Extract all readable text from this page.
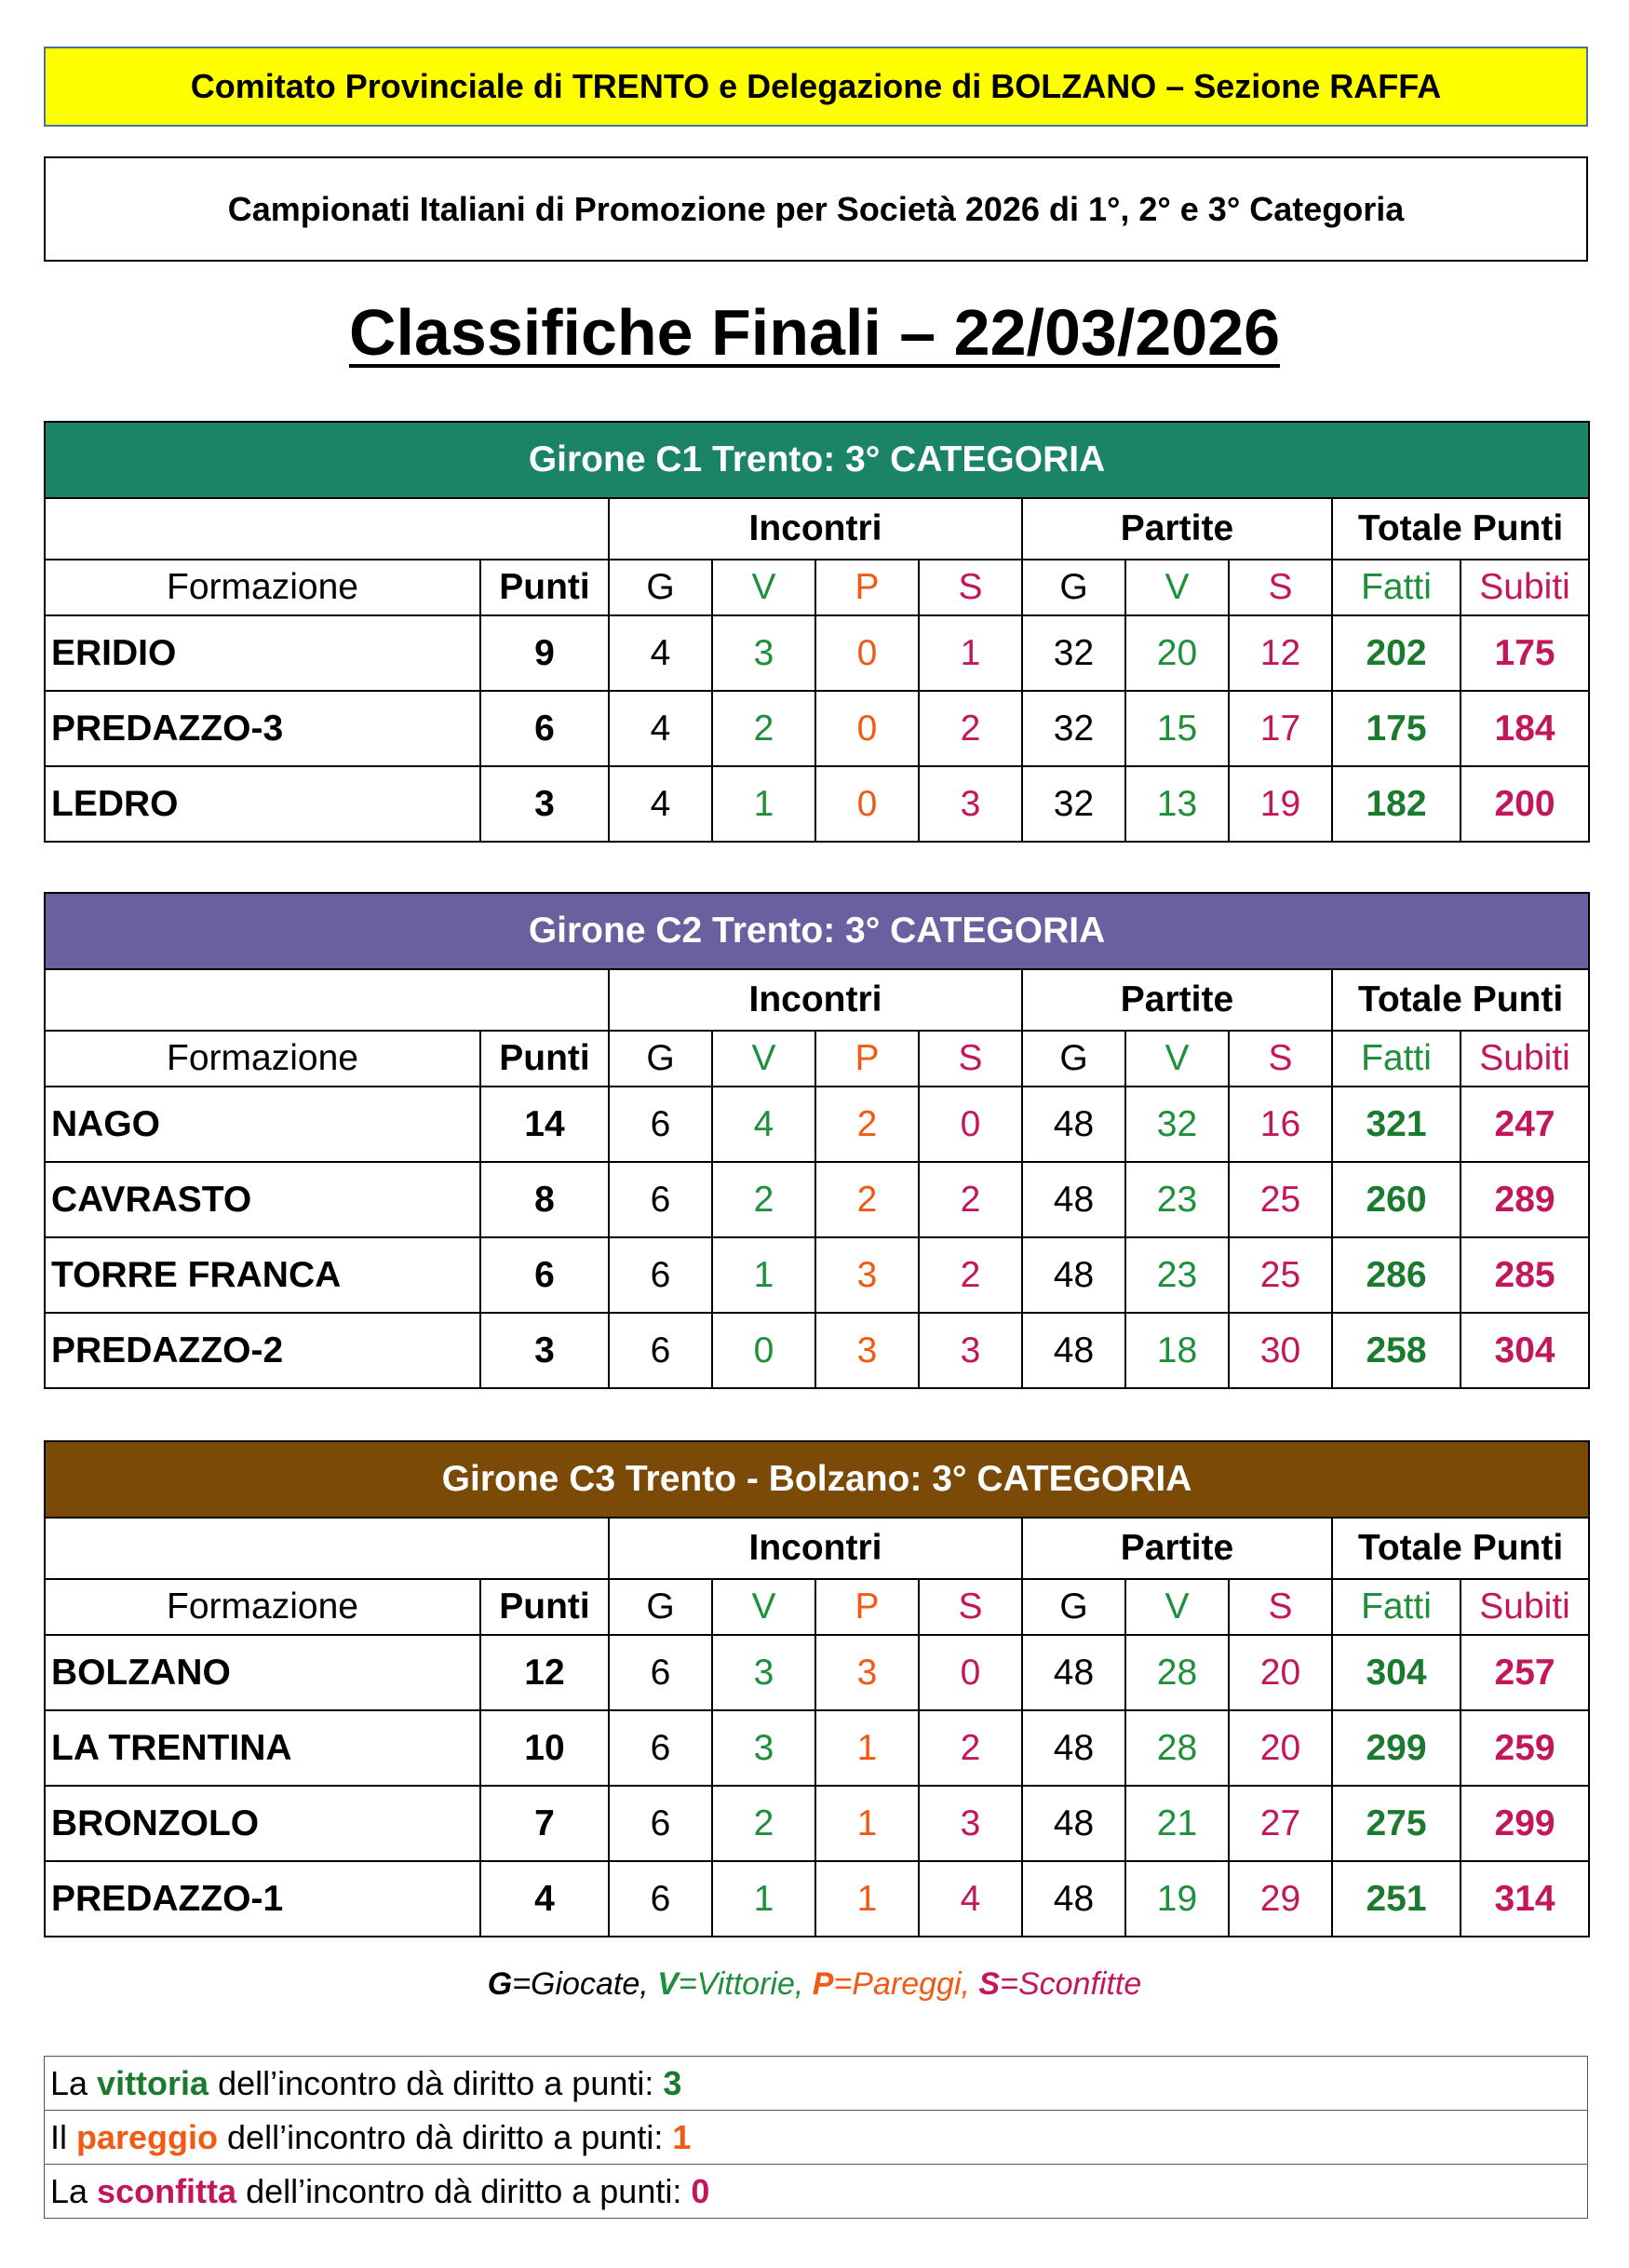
Comitato Provinciale di TRENTO e Delegazione di BOLZANO – Sezione RAFFA
Campionati Italiani di Promozione per Società 2026 di 1°, 2° e 3° Categoria
Classifiche Finali – 22/03/2026
Girone C1 Trento: 3° CATEGORIA										
		Incontri				Partite			Totale Punti	
Formazione	Punti	G	V	P	S	G	V	S	Fatti	Subiti
ERIDIO	9	4	3	0	1	32	20	12	202	175
PREDAZZO-3	6	4	2	0	2	32	15	17	175	184
LEDRO	3	4	1	0	3	32	13	19	182	200
Girone C2 Trento: 3° CATEGORIA										
		Incontri				Partite			Totale Punti	
Formazione	Punti	G	V	P	S	G	V	S	Fatti	Subiti
NAGO	14	6	4	2	0	48	32	16	321	247
CAVRASTO	8	6	2	2	2	48	23	25	260	289
TORRE FRANCA	6	6	1	3	2	48	23	25	286	285
PREDAZZO-2	3	6	0	3	3	48	18	30	258	304
Girone C3 Trento - Bolzano: 3° CATEGORIA										
		Incontri				Partite			Totale Punti	
Formazione	Punti	G	V	P	S	G	V	S	Fatti	Subiti
BOLZANO	12	6	3	3	0	48	28	20	304	257
LA TRENTINA	10	6	3	1	2	48	28	20	299	259
BRONZOLO	7	6	2	1	3	48	21	27	275	299
PREDAZZO-1	4	6	1	1	4	48	19	29	251	314
G=Giocate, V=Vittorie, P=Pareggi, S=Sconfitte
La vittoria dell’incontro dà diritto a punti: 3
Il pareggio dell’incontro dà diritto a punti: 1
La sconfitta dell’incontro dà diritto a punti: 0
